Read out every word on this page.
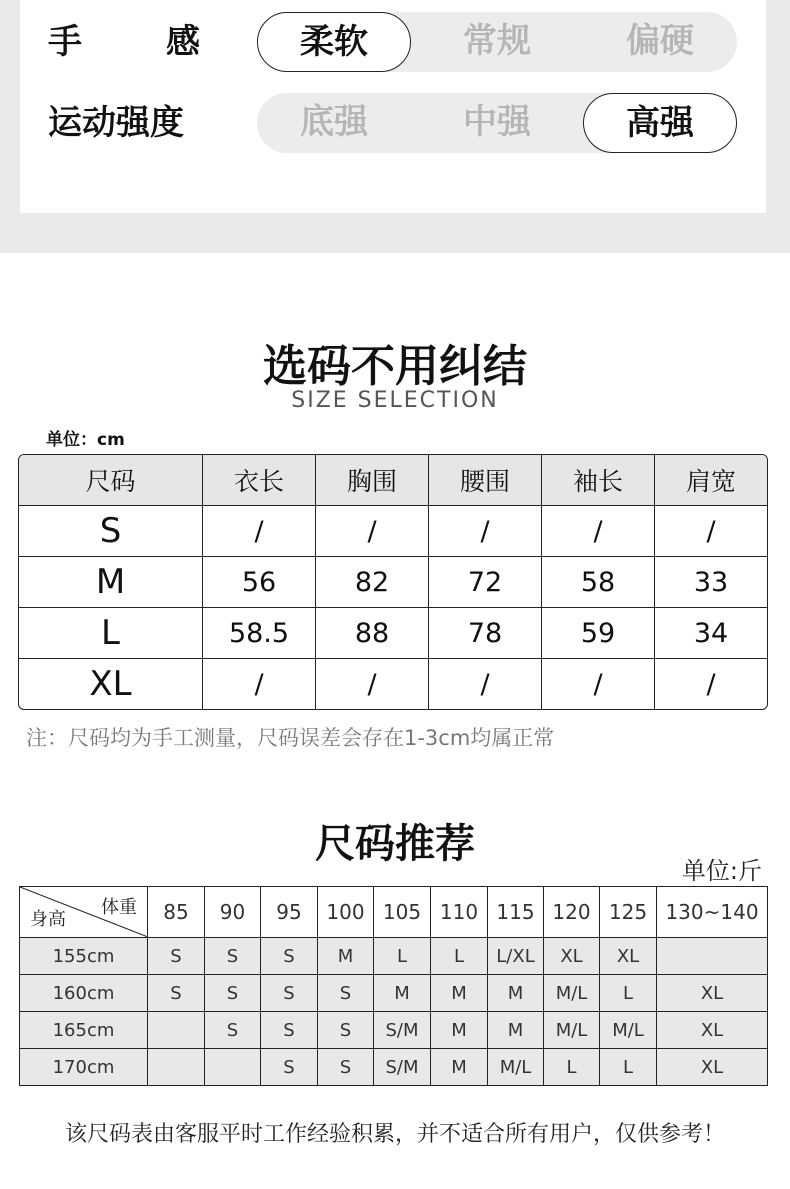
手 感	柔软	常规	偏硬
运动强度	底强	中强	高强
选码不用纠结
SIZE SELECTION
单位：cm
尺码	衣长	胸围	腰围	袖长	肩宽
S	/	/	/	/	/
M	56	82	72	58	33
L	58.5	88	78	59	34
XL	/	/	/	/	/
注：尺码均为手工测量，尺码误差会存在1-3cm均属正常
尺码推荐
单位:斤
体重
身高	85	90	95	100	105	110	115	120	125	130~140
155cm	S	S	S	M	L	L	L/XL	XL	XL	
160cm	S	S	S	S	M	M	M	M/L	L	XL
165cm		S	S	S	S/M	M	M	M/L	M/L	XL
170cm			S	S	S/M	M	M/L	L	L	XL
该尺码表由客服平时工作经验积累，并不适合所有用户，仅供参考！
